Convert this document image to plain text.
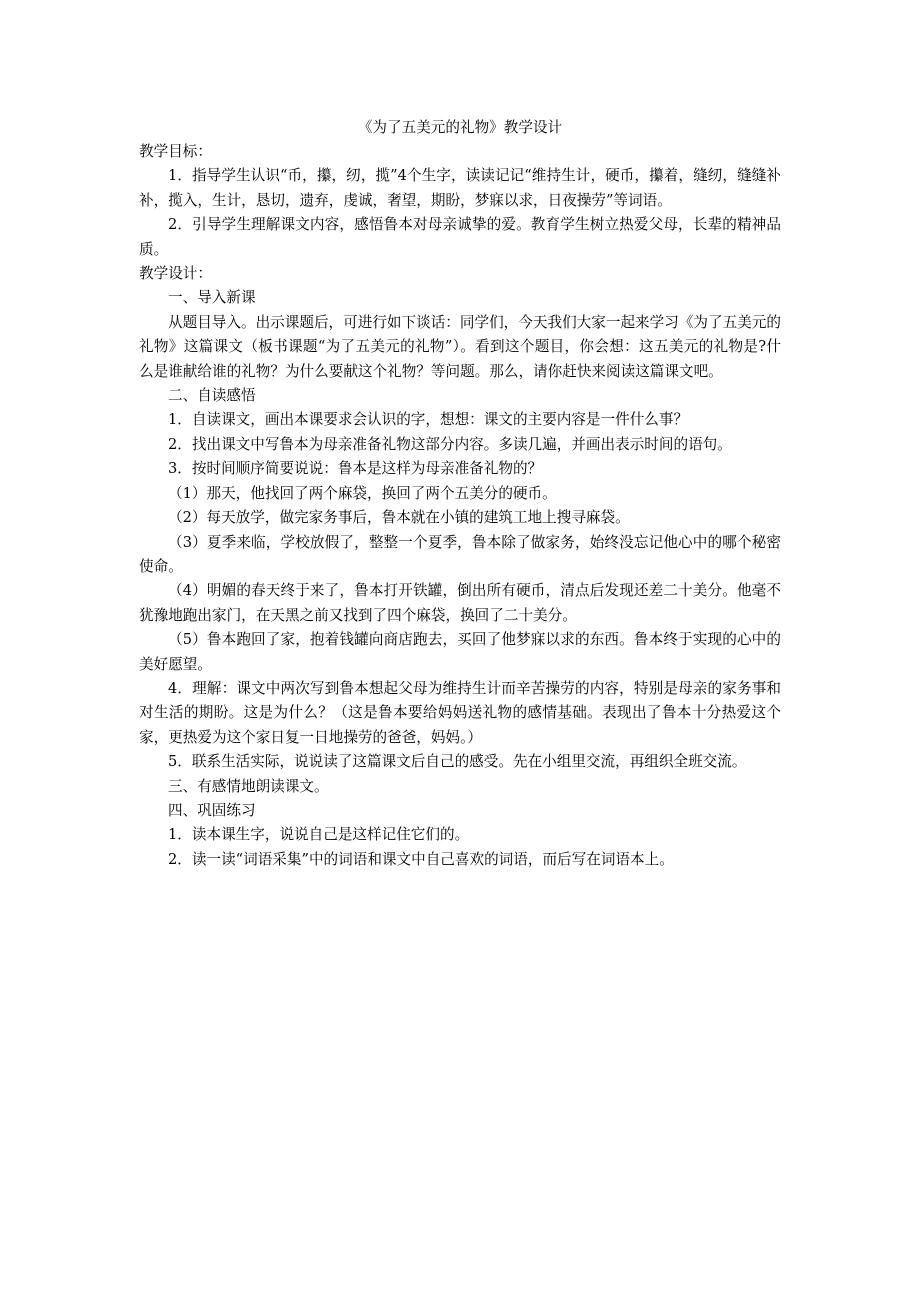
《为了五美元的礼物》教学设计

教学目标：

1．指导学生认识“币，攥，纫，揽”4个生字，读读记记“维持生计，硬币，攥着，缝纫，缝缝补补，揽入，生计，恳切，遗弃，虔诚，奢望，期盼，梦寐以求，日夜操劳”等词语。

2．引导学生理解课文内容，感悟鲁本对母亲诚挚的爱。教育学生树立热爱父母，长辈的精神品质。

教学设计：

一、导入新课

从题目导入。出示课题后，可进行如下谈话：同学们，今天我们大家一起来学习《为了五美元的礼物》这篇课文（板书课题“为了五美元的礼物”）。看到这个题目，你会想：这五美元的礼物是?什么是谁献给谁的礼物？为什么要献这个礼物？等问题。那么，请你赶快来阅读这篇课文吧。

二、自读感悟

1．自读课文，画出本课要求会认识的字，想想：课文的主要内容是一件什么事？

2．找出课文中写鲁本为母亲准备礼物这部分内容。多读几遍，并画出表示时间的语句。

3．按时间顺序简要说说：鲁本是这样为母亲准备礼物的？

（1）那天，他找回了两个麻袋，换回了两个五美分的硬币。

（2）每天放学，做完家务事后，鲁本就在小镇的建筑工地上搜寻麻袋。

（3）夏季来临，学校放假了，整整一个夏季，鲁本除了做家务，始终没忘记他心中的哪个秘密使命。

（4）明媚的春天终于来了，鲁本打开铁罐，倒出所有硬币，清点后发现还差二十美分。他毫不犹豫地跑出家门，在天黑之前又找到了四个麻袋，换回了二十美分。

（5）鲁本跑回了家，抱着钱罐向商店跑去，买回了他梦寐以求的东西。鲁本终于实现的心中的美好愿望。

4．理解：课文中两次写到鲁本想起父母为维持生计而辛苦操劳的内容，特别是母亲的家务事和对生活的期盼。这是为什么？（这是鲁本要给妈妈送礼物的感情基础。表现出了鲁本十分热爱这个家，更热爱为这个家日复一日地操劳的爸爸，妈妈。）

5．联系生活实际，说说读了这篇课文后自己的感受。先在小组里交流，再组织全班交流。

三、有感情地朗读课文。

四、巩固练习

1．读本课生字，说说自己是这样记住它们的。

2．读一读“词语采集”中的词语和课文中自己喜欢的词语，而后写在词语本上。
